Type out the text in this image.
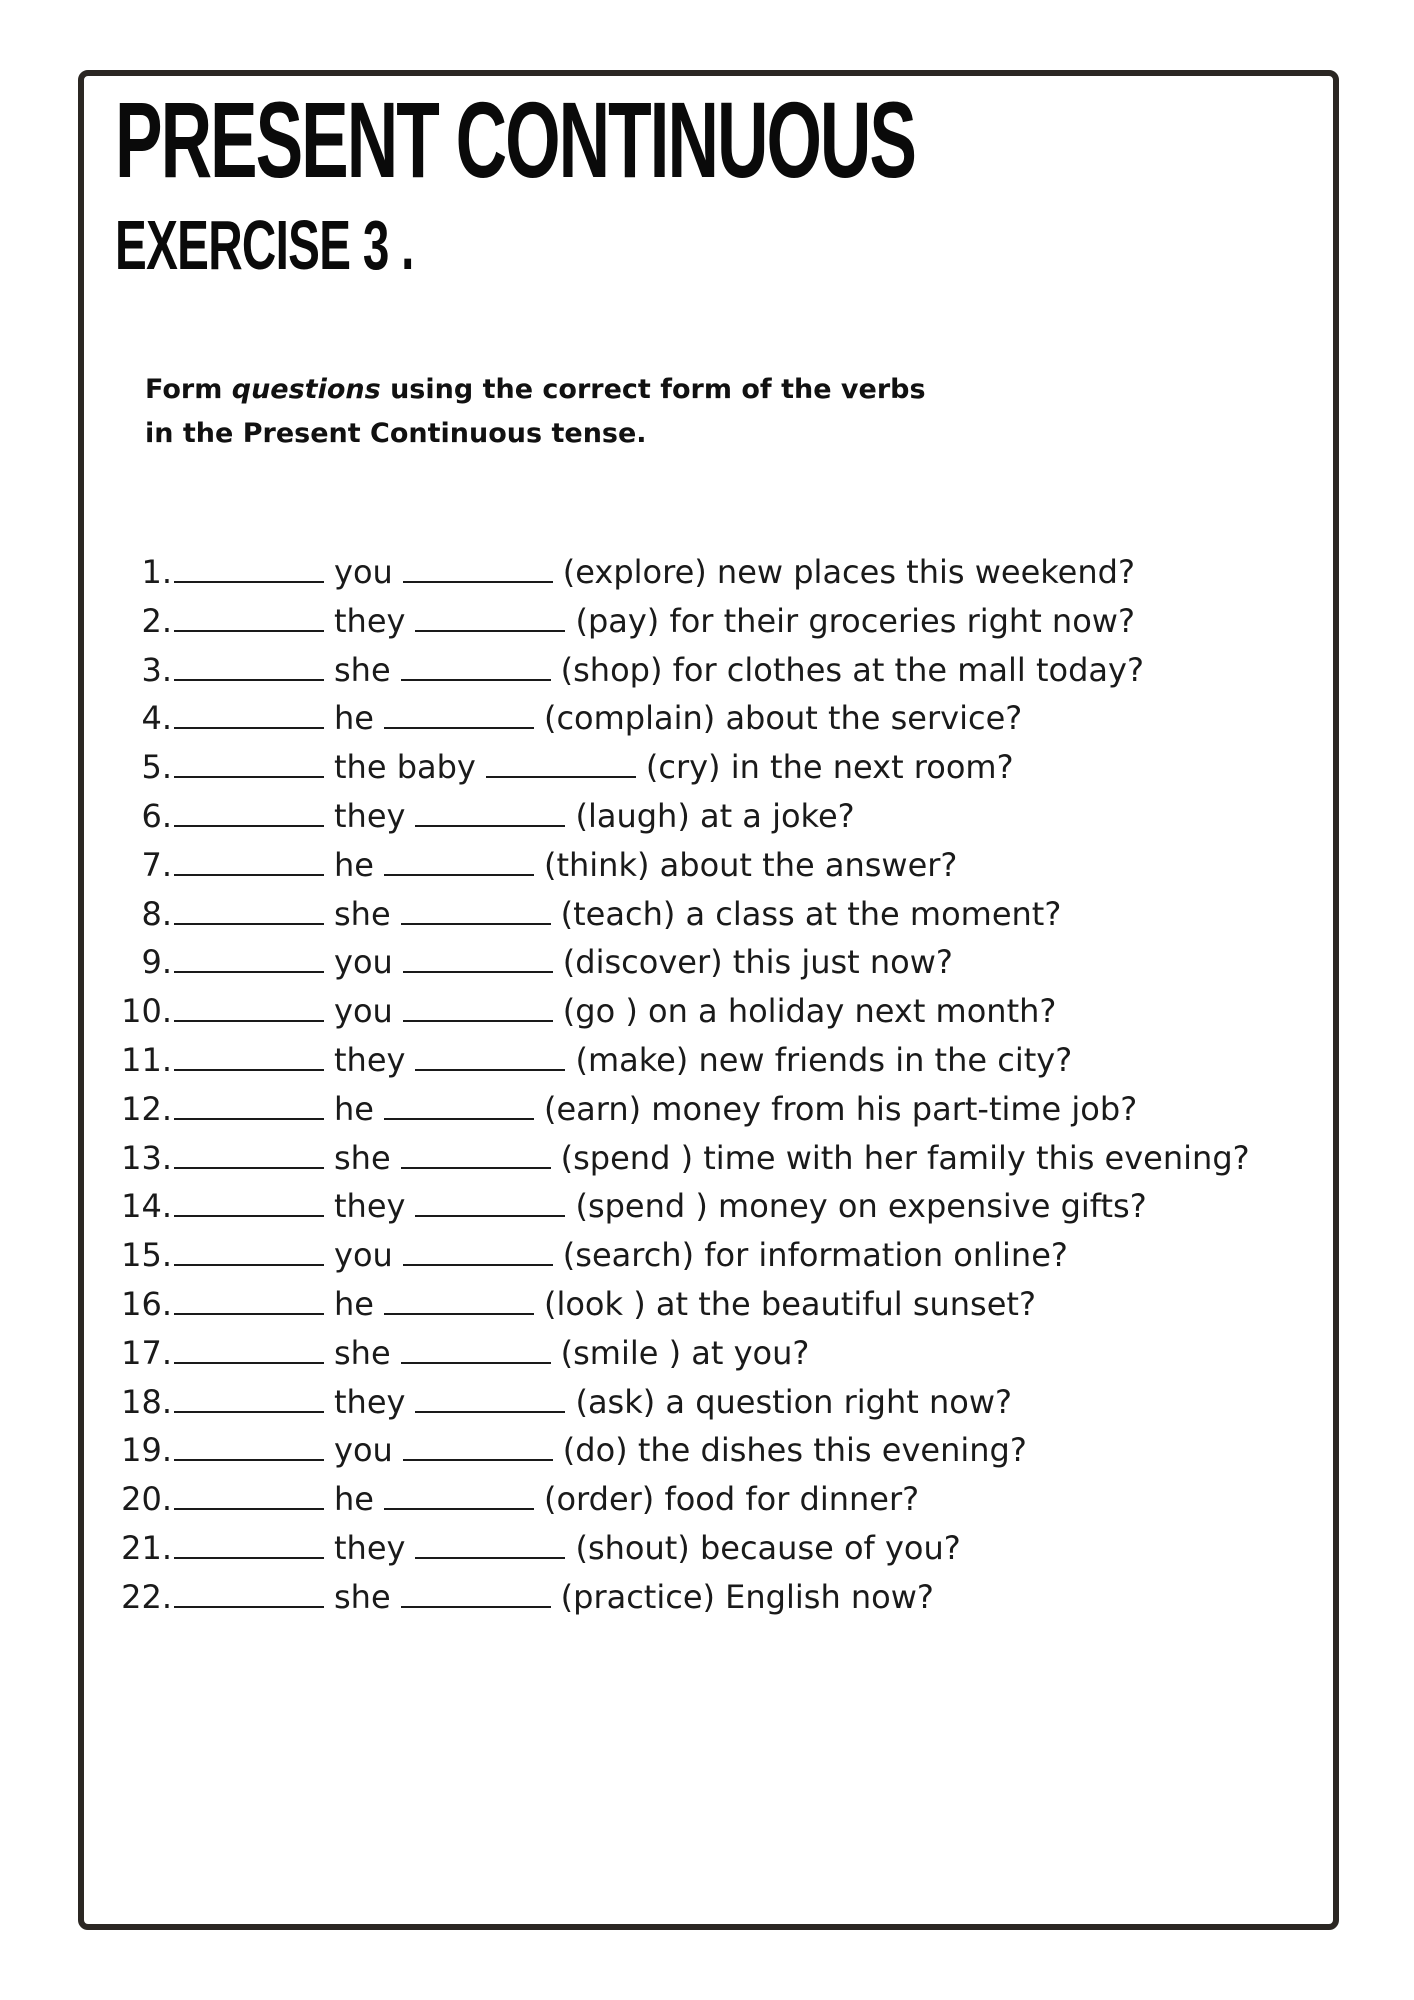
PRESENT CONTINUOUS
EXERCISE 3 .

Form questions using the correct form of the verbs
in the Present Continuous tense.

1.	you	(explore) new places this weekend?
2.	they	(pay) for their groceries right now?
3.	she	(shop) for clothes at the mall today?
4.	he	(complain) about the service?
5.	the baby	(cry) in the next room?
6.	they	(laugh) at a joke?
7.	he	(think) about the answer?
8.	she	(teach) a class at the moment?
9.	you	(discover) this just now?
10.	you	(go ) on a holiday next month?
11.	they	(make) new friends in the city?
12.	he	(earn) money from his part-time job?
13.	she	(spend ) time with her family this evening?
14.	they	(spend ) money on expensive gifts?
15.	you	(search) for information online?
16.	he	(look ) at the beautiful sunset?
17.	she	(smile ) at you?
18.	they	(ask) a question right now?
19.	you	(do) the dishes this evening?
20.	he	(order) food for dinner?
21.	they	(shout) because of you?
22.	she	(practice) English now?
